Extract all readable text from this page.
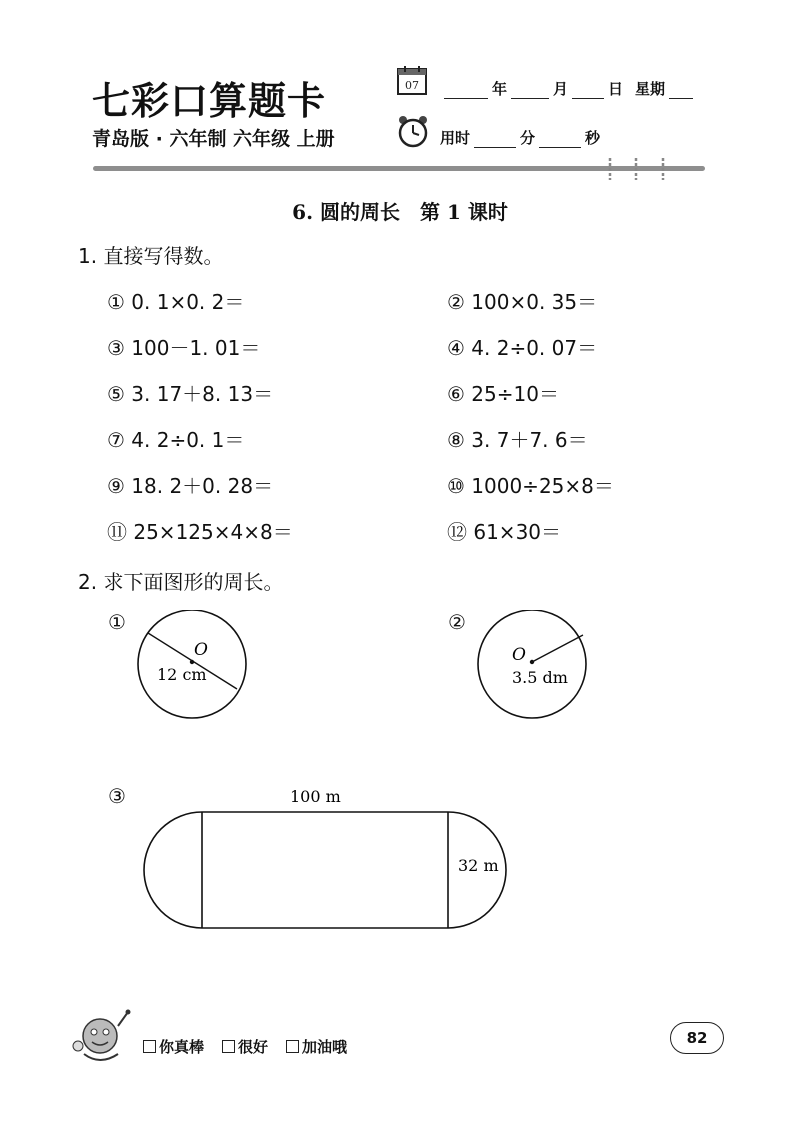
七彩口算题卡
青岛版 · 六年制 六年级 上册
07	年	月	日 星期
用时	分	秒
6. 圆的周长　第 1 课时
1. 直接写得数。
① 0. 1×0. 2＝	② 100×0. 35＝
③ 100－1. 01＝	④ 4. 2÷0. 07＝
⑤ 3. 17＋8. 13＝	⑥ 25÷10＝
⑦ 4. 2÷0. 1＝	⑧ 3. 7＋7. 6＝
⑨ 18. 2＋0. 28＝	⑩ 1000÷25×8＝
⑪ 25×125×4×8＝	⑫ 61×30＝
2. 求下面图形的周长。
①
O
12 cm
②
O
3.5 dm
③	100 m
32 m
你真棒 很好 加油哦	82
